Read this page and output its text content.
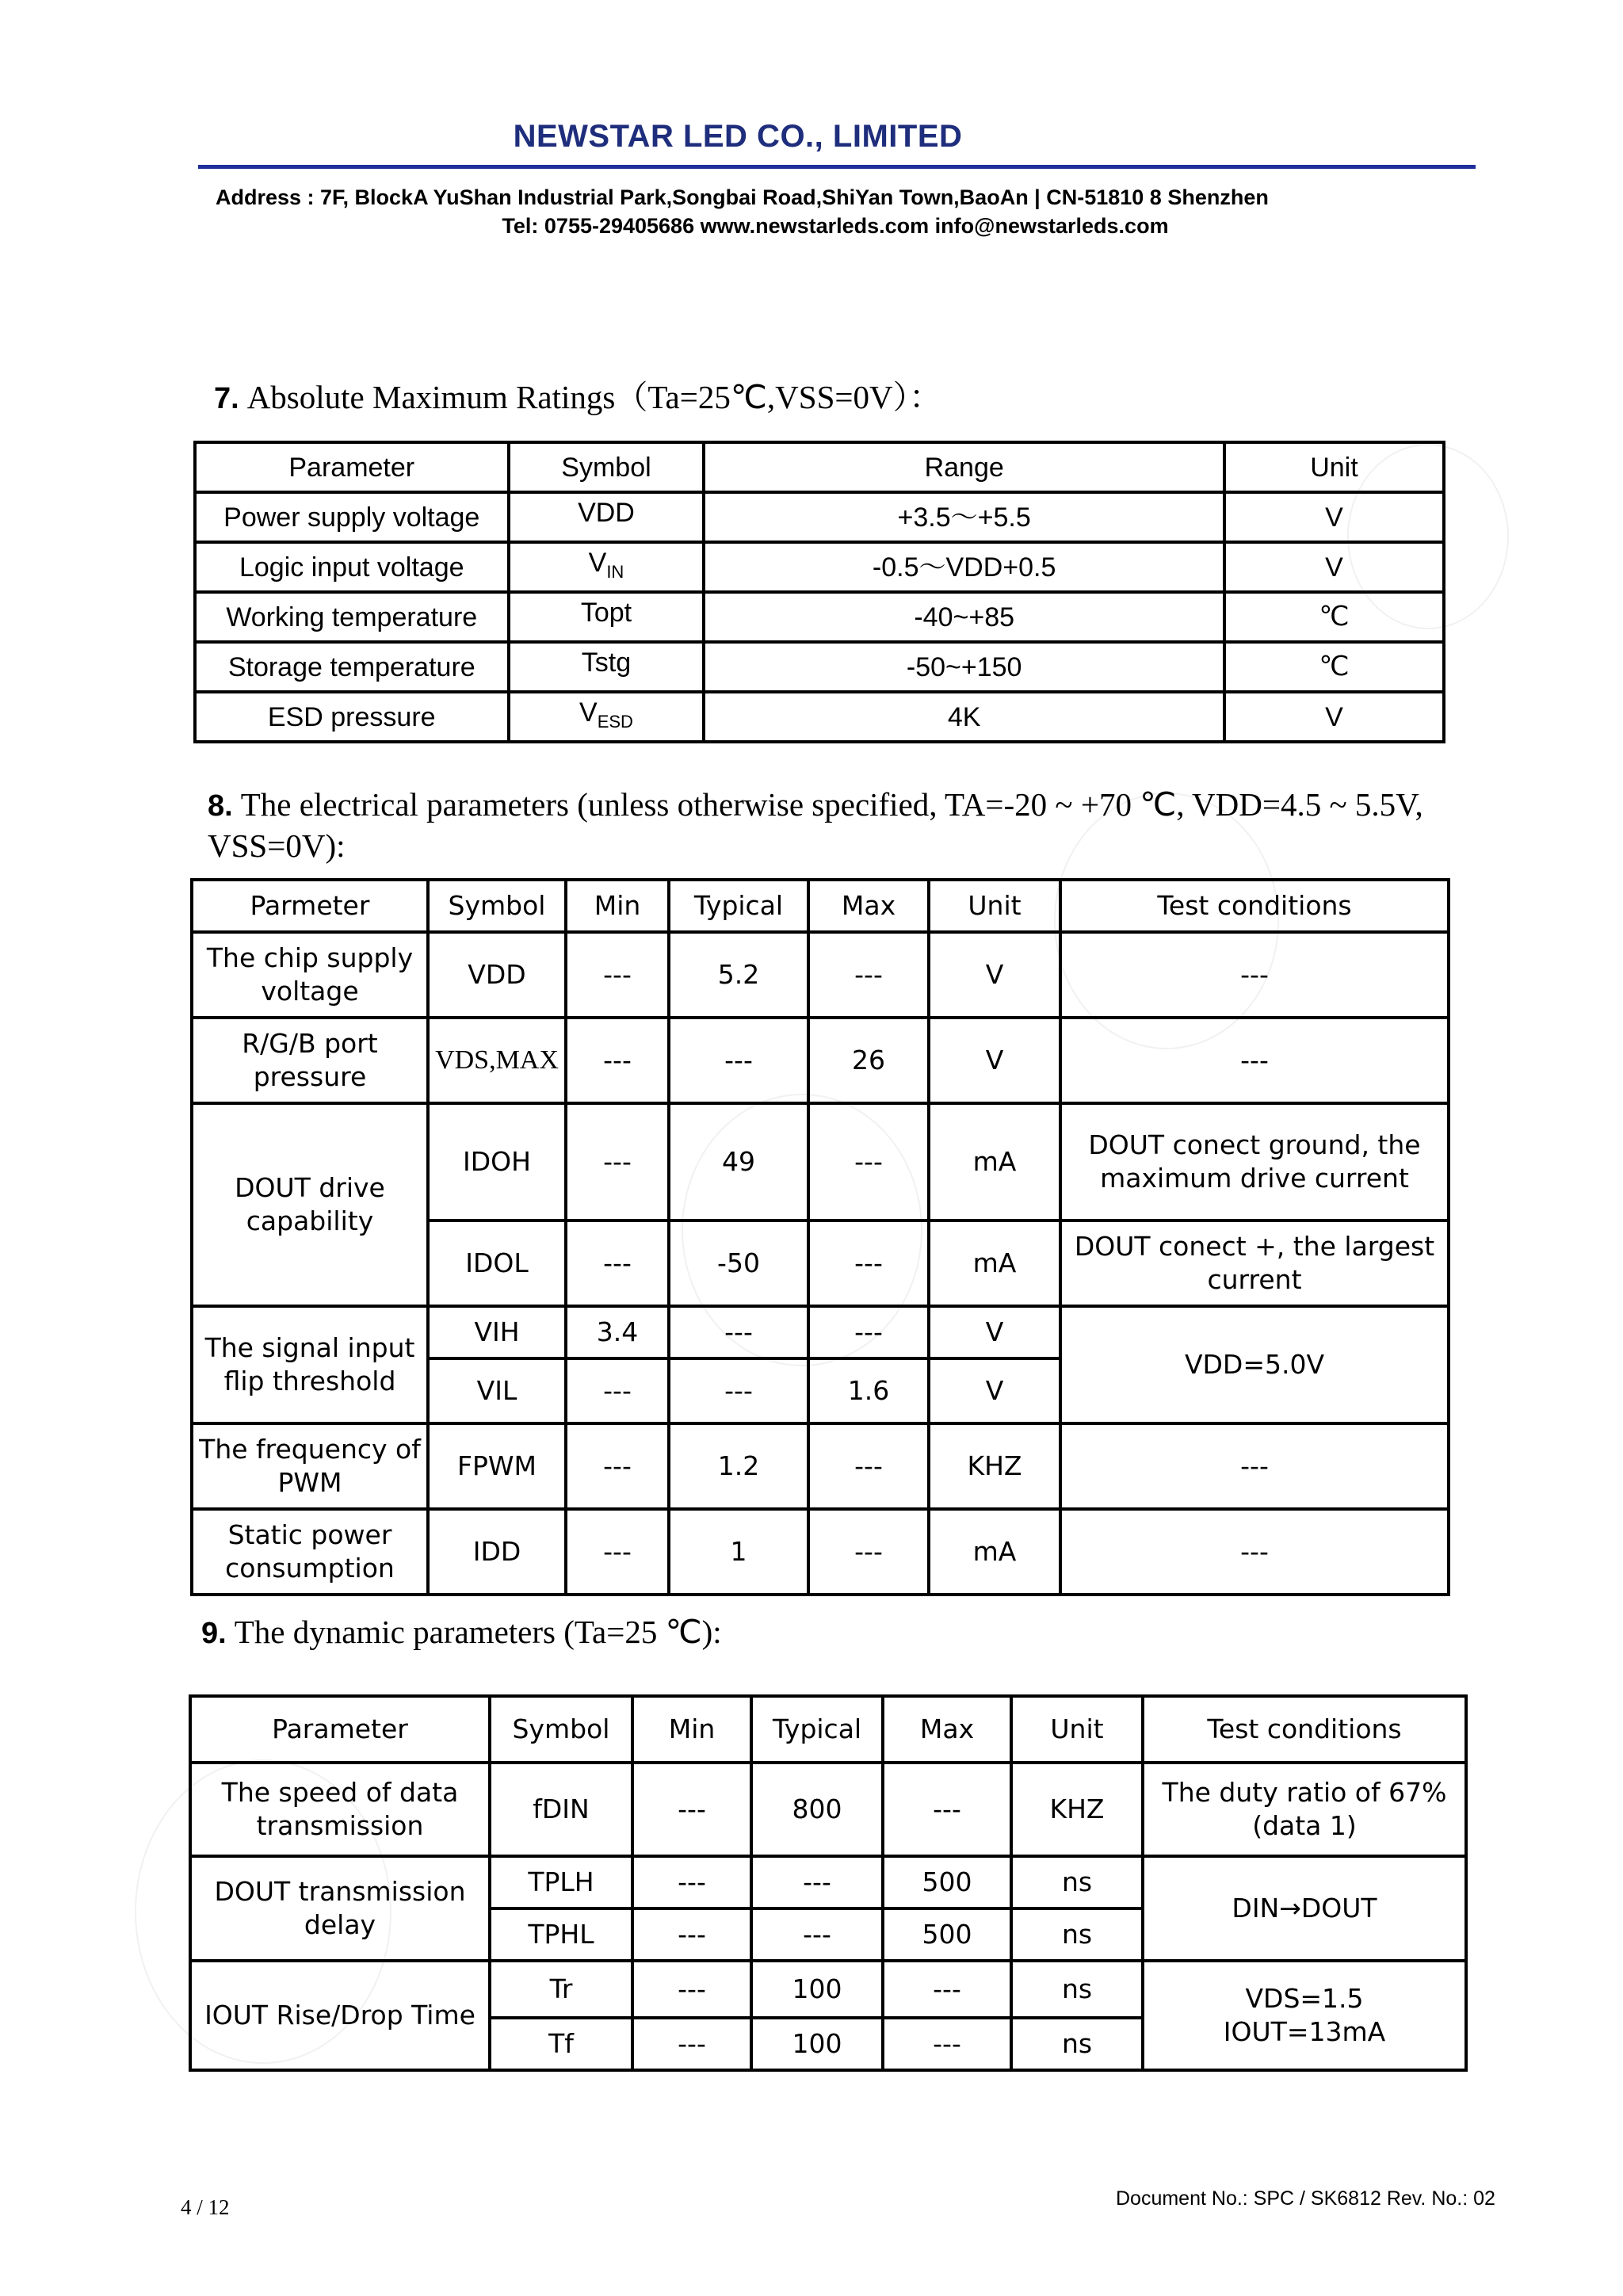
NEWSTAR LED CO., LIMITED
Address : 7F, BlockA YuShan Industrial Park,Songbai Road,ShiYan Town,BaoAn | CN-51810 8 Shenzhen
Tel: 0755-29405686 www.newstarleds.com info@newstarleds.com
7. Absolute Maximum Ratings（Ta=25℃,VSS=0V）：
Parameter	Symbol	Range	Unit
Power supply voltage	VDD	+3.5～+5.5	V
Logic input voltage	$V_{IN}$	-0.5～VDD+0.5	V
Working temperature	Topt	-40~+85	℃
Storage temperature	Tstg	-50~+150	℃
ESD pressure	$V_{ESD}$	4K	V
8. The electrical parameters (unless otherwise specified, TA=-20 ~ +70 ℃, VDD=4.5 ~ 5.5V,
VSS=0V):
Parmeter	Symbol	Min	Typical	Max	Unit	Test conditions
The chip supply voltage	VDD	---	5.2	---	V	---
R/G/B port pressure	VDS,MAX	---	---	26	V	---
DOUT drive capability	IDOH	---	49	---	mA	DOUT conect ground, the maximum drive current
	IDOL	---	-50	---	mA	DOUT conect +, the largest current
The signal input flip threshold	VIH	3.4	---	---	V	VDD=5.0V
	VIL	---	---	1.6	V	
The frequency of PWM	FPWM	---	1.2	---	KHZ	---
Static power consumption	IDD	---	1	---	mA	---
9. The dynamic parameters (Ta=25 ℃):
Parameter	Symbol	Min	Typical	Max	Unit	Test conditions
The speed of data transmission	fDIN	---	800	---	KHZ	The duty ratio of 67% (data 1)
DOUT transmission delay	TPLH	---	---	500	ns	DIN→DOUT
	TPHL	---	---	500	ns	
IOUT Rise/Drop Time	Tr	---	100	---	ns	VDS=1.5
IOUT=13mA
	Tf	---	100	---	ns	
4 / 12	Document No.: SPC / SK6812 Rev. No.: 02
